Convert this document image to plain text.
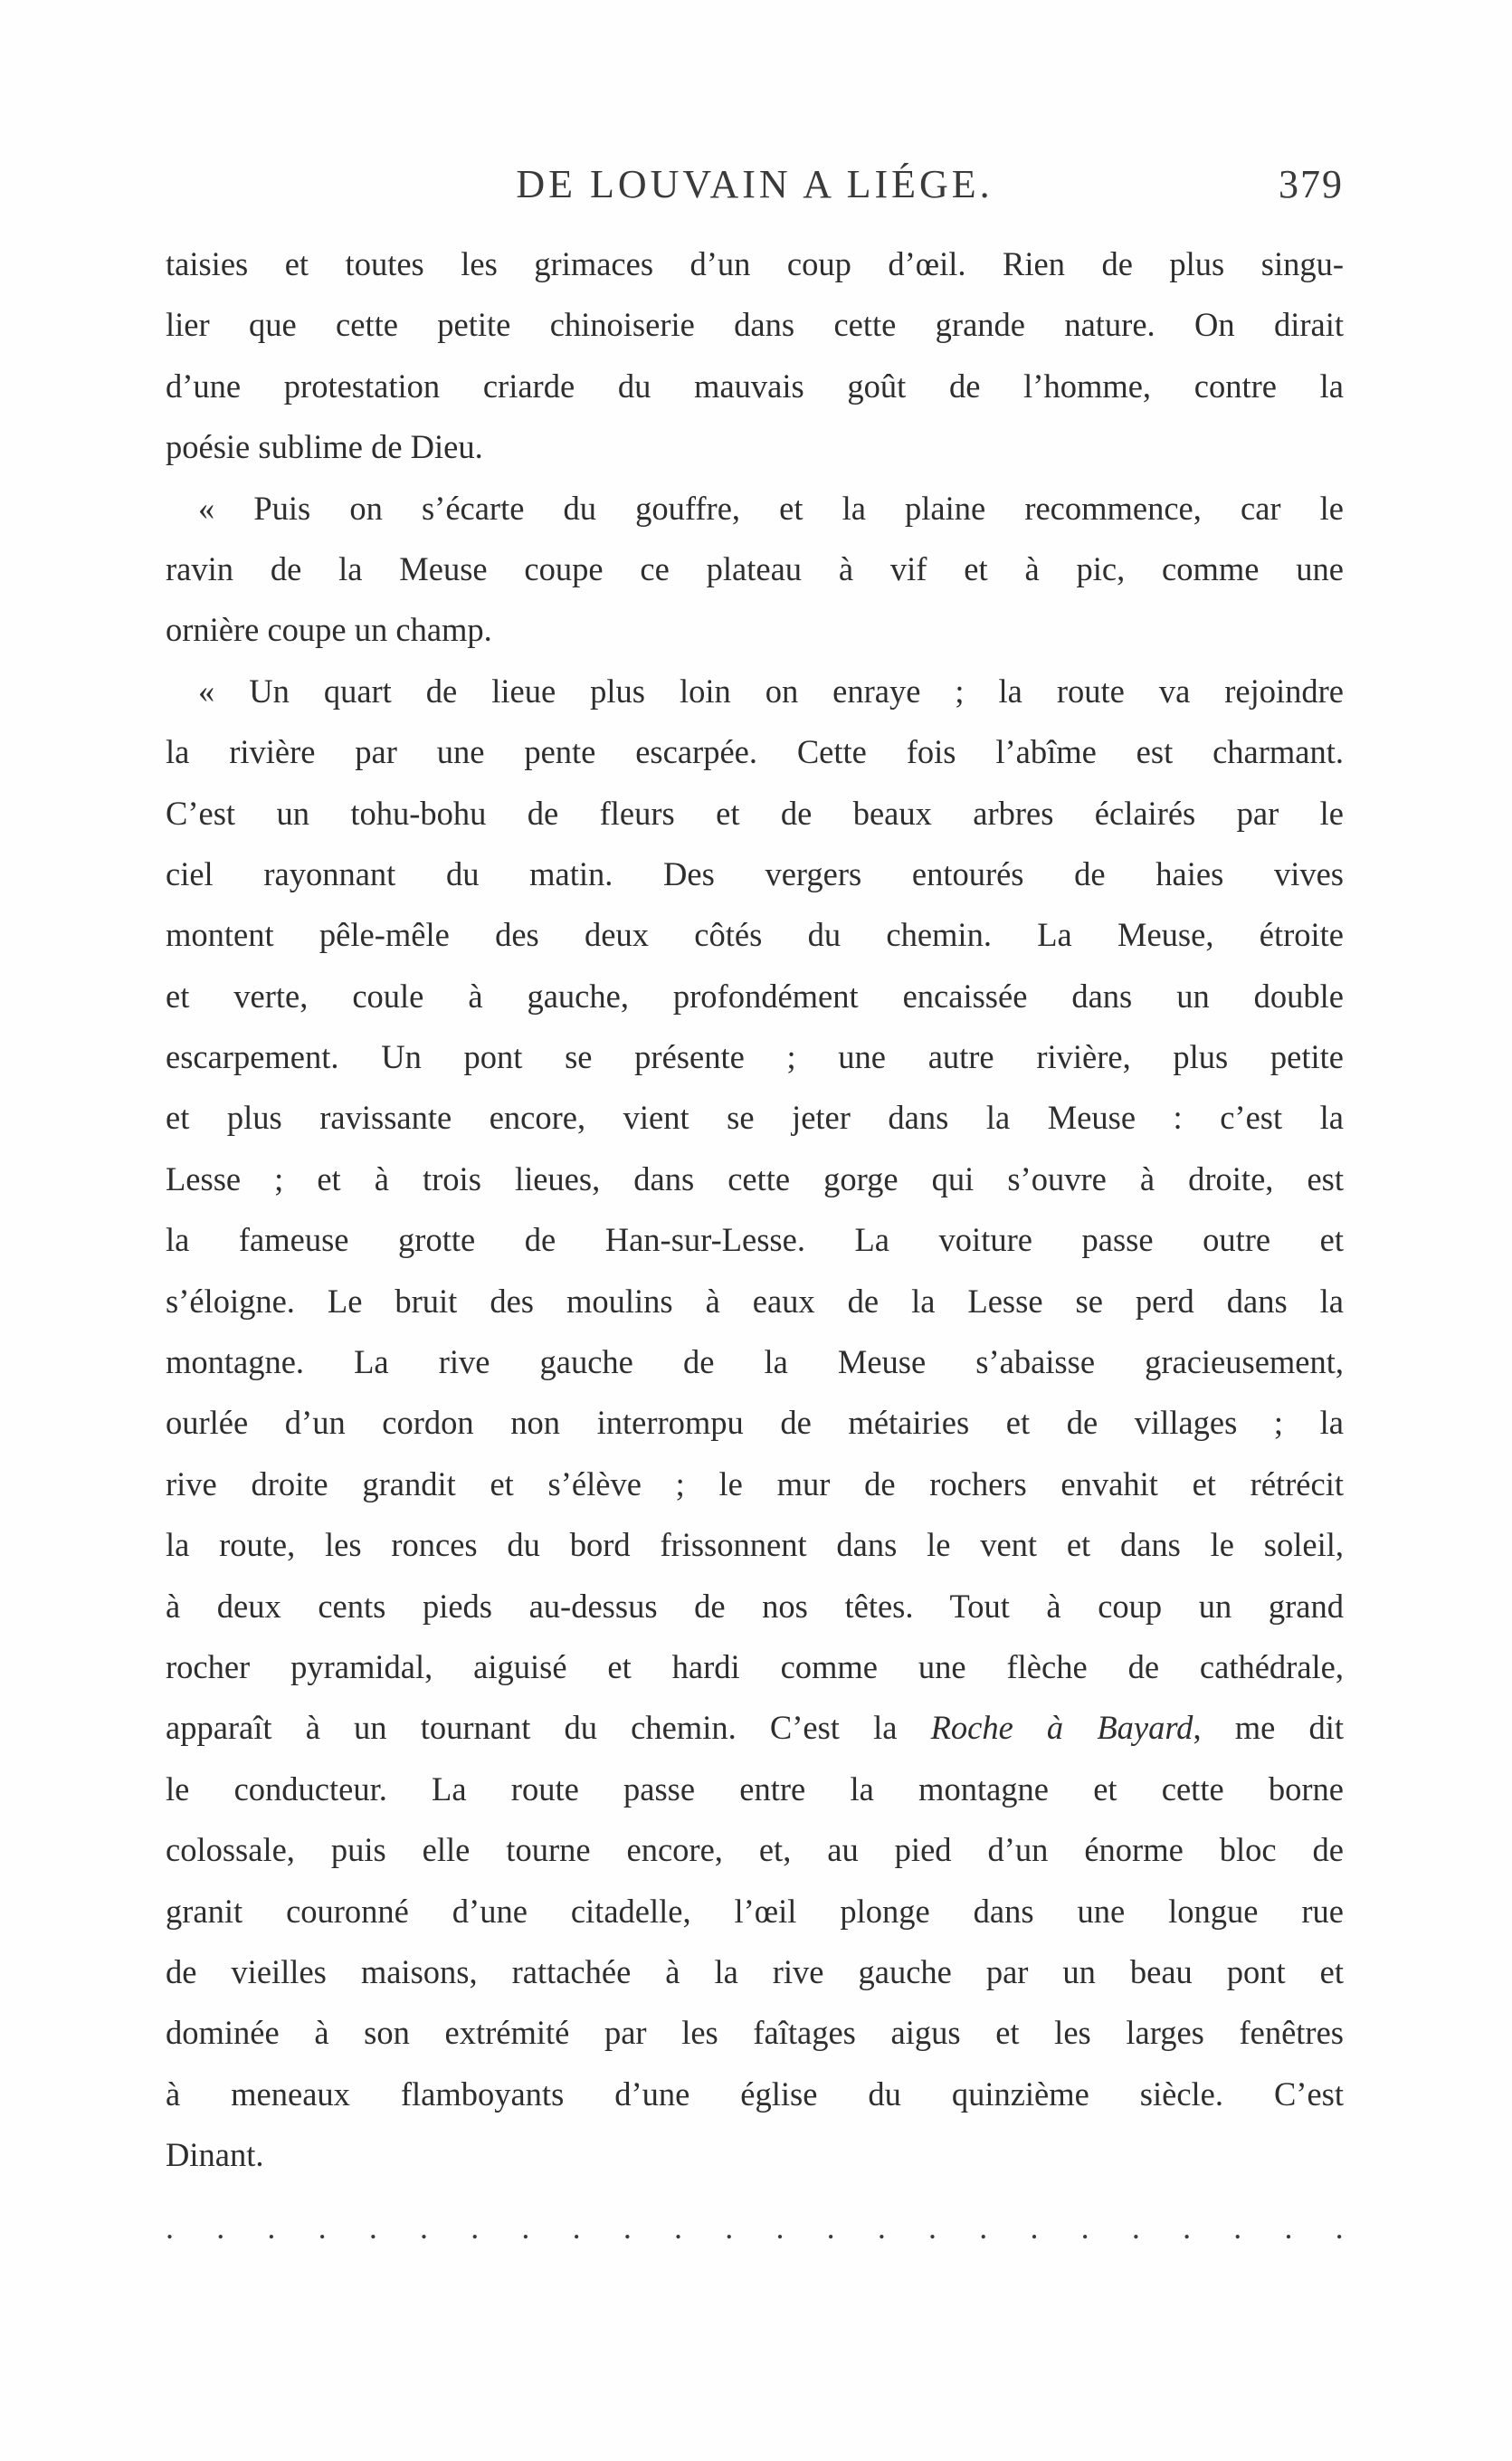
DE LOUVAIN A LIÉGE.	379
taisies et toutes les grimaces d’un coup d’œil. Rien de plus singu-
lier que cette petite chinoiserie dans cette grande nature. On dirait
d’une protestation criarde du mauvais goût de l’homme, contre la
poésie sublime de Dieu.
« Puis on s’écarte du gouffre, et la plaine recommence, car le
ravin de la Meuse coupe ce plateau à vif et à pic, comme une
ornière coupe un champ.
« Un quart de lieue plus loin on enraye ; la route va rejoindre
la rivière par une pente escarpée. Cette fois l’abîme est charmant.
C’est un tohu-bohu de fleurs et de beaux arbres éclairés par le
ciel rayonnant du matin. Des vergers entourés de haies vives
montent pêle-mêle des deux côtés du chemin. La Meuse, étroite
et verte, coule à gauche, profondément encaissée dans un double
escarpement. Un pont se présente ; une autre rivière, plus petite
et plus ravissante encore, vient se jeter dans la Meuse : c’est la
Lesse ; et à trois lieues, dans cette gorge qui s’ouvre à droite, est
la fameuse grotte de Han-sur-Lesse. La voiture passe outre et
s’éloigne. Le bruit des moulins à eaux de la Lesse se perd dans la
montagne. La rive gauche de la Meuse s’abaisse gracieusement,
ourlée d’un cordon non interrompu de métairies et de villages ; la
rive droite grandit et s’élève ; le mur de rochers envahit et rétrécit
la route, les ronces du bord frissonnent dans le vent et dans le soleil,
à deux cents pieds au-dessus de nos têtes. Tout à coup un grand
rocher pyramidal, aiguisé et hardi comme une flèche de cathédrale,
apparaît à un tournant du chemin. C’est la Roche à Bayard, me dit
le conducteur. La route passe entre la montagne et cette borne
colossale, puis elle tourne encore, et, au pied d’un énorme bloc de
granit couronné d’une citadelle, l’œil plonge dans une longue rue
de vieilles maisons, rattachée à la rive gauche par un beau pont et
dominée à son extrémité par les faîtages aigus et les larges fenêtres
à meneaux flamboyants d’une église du quinzième siècle. C’est
Dinant.
. . . . . . . . . . . . . . . . . . . . . . . .
